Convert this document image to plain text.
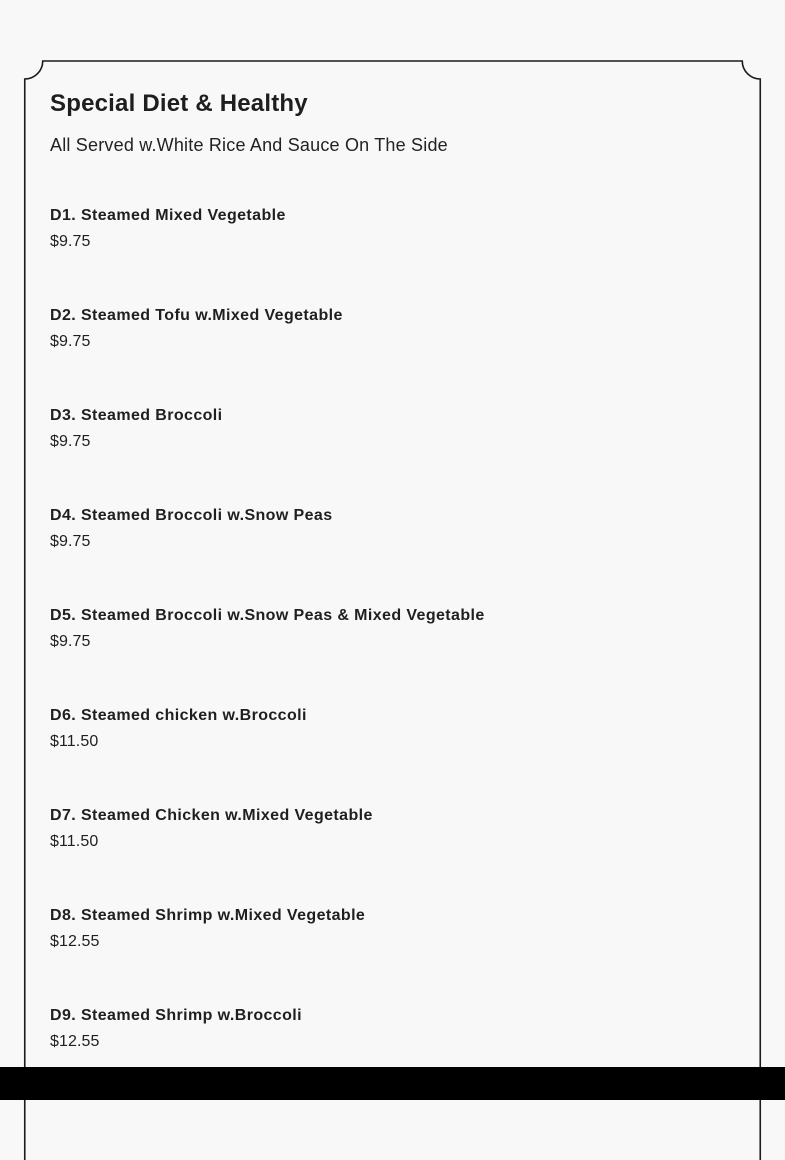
Special Diet & Healthy
All Served w.White Rice And Sauce On The Side
D1. Steamed Mixed Vegetable
$9.75
D2. Steamed Tofu w.Mixed Vegetable
$9.75
D3. Steamed Broccoli
$9.75
D4. Steamed Broccoli w.Snow Peas
$9.75
D5. Steamed Broccoli w.Snow Peas & Mixed Vegetable
$9.75
D6. Steamed chicken w.Broccoli
$11.50
D7. Steamed Chicken w.Mixed Vegetable
$11.50
D8. Steamed Shrimp w.Mixed Vegetable
$12.55
D9. Steamed Shrimp w.Broccoli
$12.55
